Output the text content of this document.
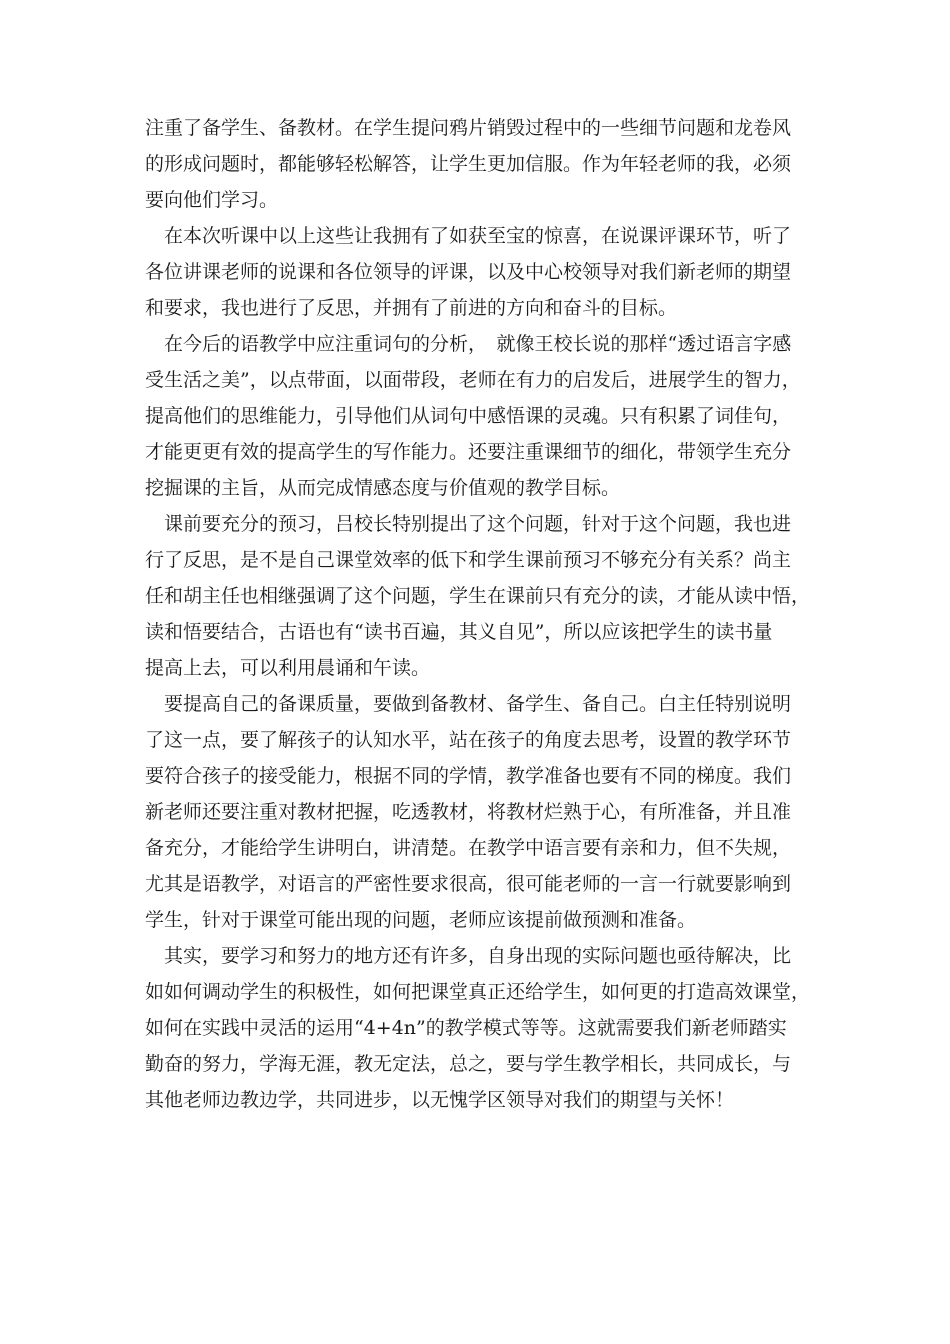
注重了备学生、备教材。在学生提问鸦片销毁过程中的一些细节问题和龙卷风
的形成问题时，都能够轻松解答，让学生更加信服。作为年轻老师的我，必须
要向他们学习。
在本次听课中以上这些让我拥有了如获至宝的惊喜，在说课评课环节，听了
各位讲课老师的说课和各位领导的评课，以及中心校领导对我们新老师的期望
和要求，我也进行了反思，并拥有了前进的方向和奋斗的目标。
在今后的语教学中应注重词句的分析，　就像王校长说的那样“透过语言字感
受生活之美”，以点带面，以面带段，老师在有力的启发后，进展学生的智力，
提高他们的思维能力，引导他们从词句中感悟课的灵魂。只有积累了词佳句，
才能更更有效的提高学生的写作能力。还要注重课细节的细化，带领学生充分
挖掘课的主旨，从而完成情感态度与价值观的教学目标。
课前要充分的预习，吕校长特别提出了这个问题，针对于这个问题，我也进
行了反思，是不是自己课堂效率的低下和学生课前预习不够充分有关系？尚主
任和胡主任也相继强调了这个问题，学生在课前只有充分的读，才能从读中悟，
读和悟要结合，古语也有“读书百遍，其义自见”，所以应该把学生的读书量
提高上去，可以利用晨诵和午读。
要提高自己的备课质量，要做到备教材、备学生、备自己。白主任特别说明
了这一点，要了解孩子的认知水平，站在孩子的角度去思考，设置的教学环节
要符合孩子的接受能力，根据不同的学情，教学准备也要有不同的梯度。我们
新老师还要注重对教材把握，吃透教材，将教材烂熟于心，有所准备，并且准
备充分，才能给学生讲明白，讲清楚。在教学中语言要有亲和力，但不失规，
尤其是语教学，对语言的严密性要求很高，很可能老师的一言一行就要影响到
学生，针对于课堂可能出现的问题，老师应该提前做预测和准备。
其实，要学习和努力的地方还有许多，自身出现的实际问题也亟待解决，比
如如何调动学生的积极性，如何把课堂真正还给学生，如何更的打造高效课堂，
如何在实践中灵活的运用“4+4n”的教学模式等等。这就需要我们新老师踏实
勤奋的努力，学海无涯，教无定法，总之，要与学生教学相长，共同成长，与
其他老师边教边学，共同进步，以无愧学区领导对我们的期望与关怀！
